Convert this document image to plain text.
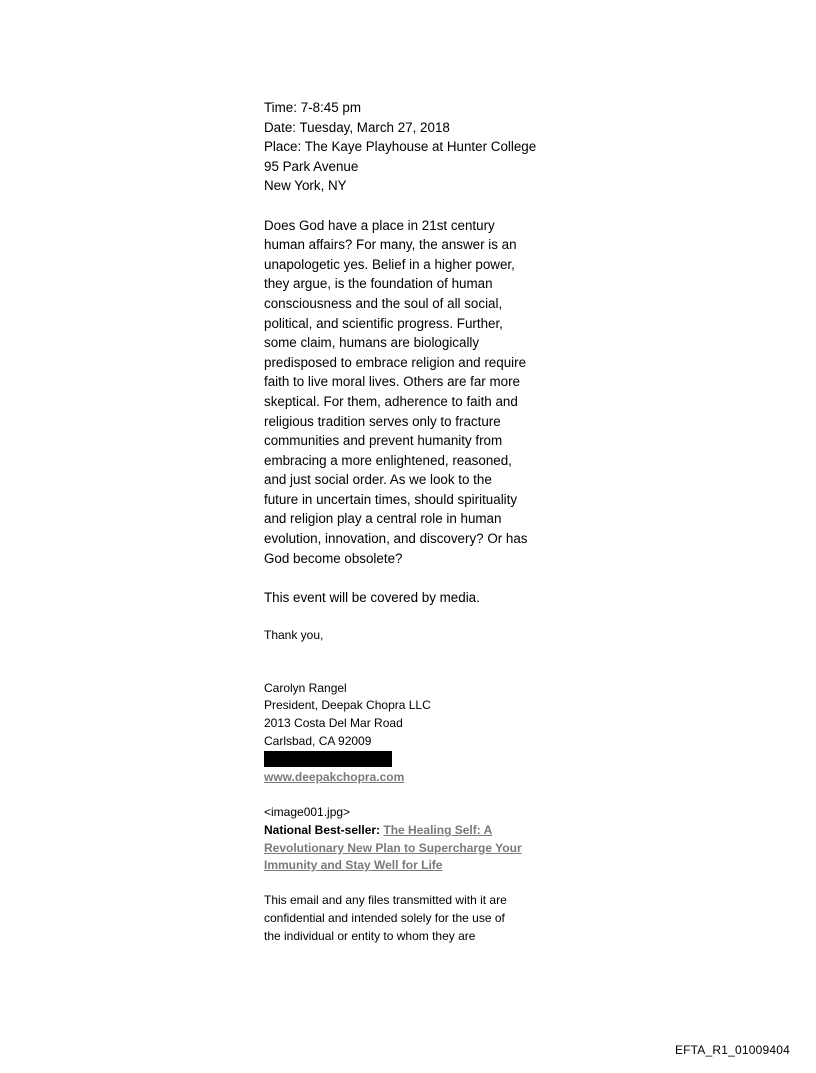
Time: 7-8:45 pm
Date: Tuesday, March 27, 2018
Place: The Kaye Playhouse at Hunter College
95 Park Avenue
New York, NY
Does God have a place in 21st century
human affairs? For many, the answer is an
unapologetic yes. Belief in a higher power,
they argue, is the foundation of human
consciousness and the soul of all social,
political, and scientific progress. Further,
some claim, humans are biologically
predisposed to embrace religion and require
faith to live moral lives. Others are far more
skeptical. For them, adherence to faith and
religious tradition serves only to fracture
communities and prevent humanity from
embracing a more enlightened, reasoned,
and just social order. As we look to the
future in uncertain times, should spirituality
and religion play a central role in human
evolution, innovation, and discovery? Or has
God become obsolete?
This event will be covered by media.
Thank you,
Carolyn Rangel
President, Deepak Chopra LLC
2013 Costa Del Mar Road
Carlsbad, CA 92009
www.deepakchopra.com
<image001.jpg>
National Best-seller: The Healing Self: A
Revolutionary New Plan to Supercharge Your
Immunity and Stay Well for Life
This email and any files transmitted with it are
confidential and intended solely for the use of
the individual or entity to whom they are
EFTA_R1_01009404
